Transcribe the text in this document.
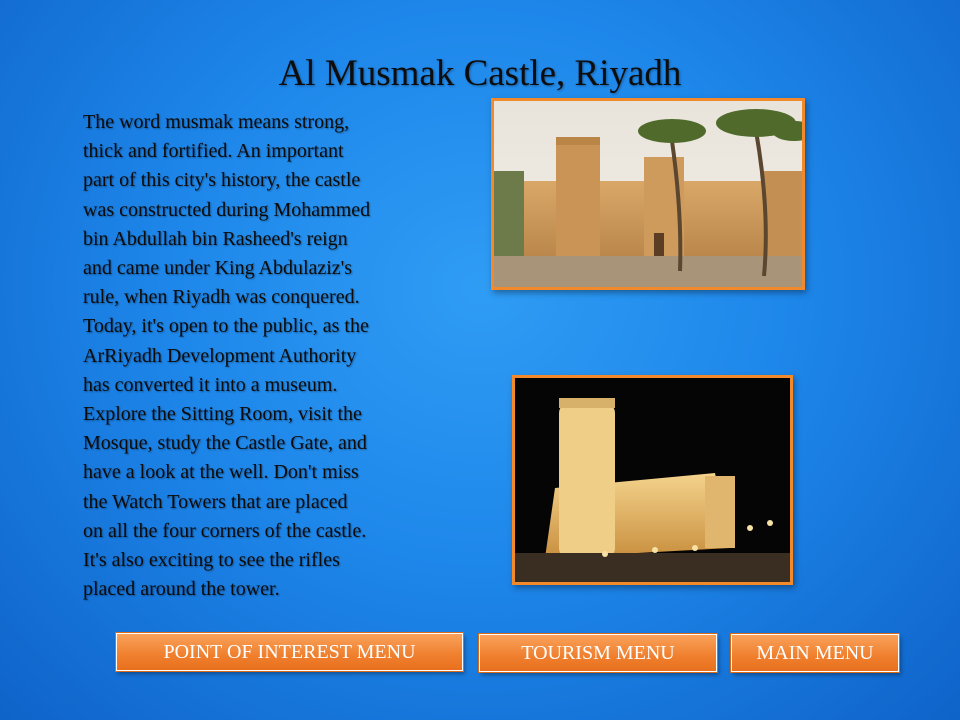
Al Musmak Castle, Riyadh
The word musmak means strong,
thick and fortified. An important
part of this city's history, the castle
was constructed during Mohammed
bin Abdullah bin Rasheed's reign
and came under King Abdulaziz's
rule, when Riyadh was conquered.
Today, it's open to the public, as the
ArRiyadh Development Authority
has converted it into a museum.
Explore the Sitting Room, visit the
Mosque, study the Castle Gate, and
have a look at the well. Don't miss
the Watch Towers that are placed
on all the four corners of the castle.
It's also exciting to see the rifles
placed around the tower.
POINT OF INTEREST MENU	TOURISM MENU	MAIN MENU
